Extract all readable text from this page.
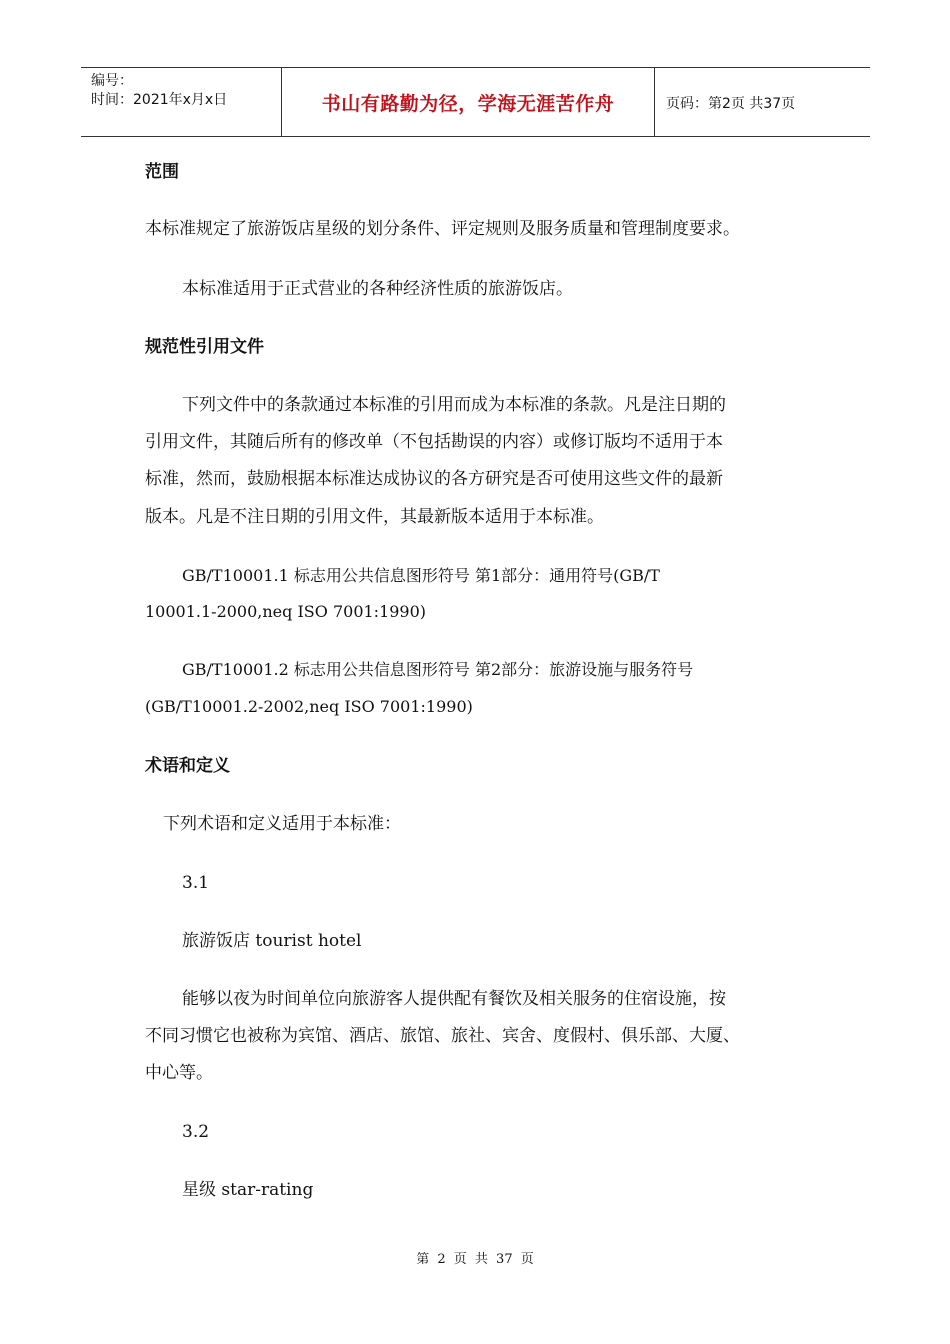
编号：
时间：2021年x月x日	书山有路勤为径，学海无涯苦作舟	页码：第2页 共37页
范围
本标准规定了旅游饭店星级的划分条件、评定规则及服务质量和管理制度要求。
本标准适用于正式营业的各种经济性质的旅游饭店。
规范性引用文件
下列文件中的条款通过本标准的引用而成为本标准的条款。凡是注日期的
引用文件，其随后所有的修改单（不包括勘误的内容）或修订版均不适用于本
标准，然而，鼓励根据本标准达成协议的各方研究是否可使用这些文件的最新
版本。凡是不注日期的引用文件，其最新版本适用于本标准。
GB/T10001.1 标志用公共信息图形符号 第1部分：通用符号(GB/T
10001.1-2000,neq ISO 7001:1990)
GB/T10001.2 标志用公共信息图形符号 第2部分：旅游设施与服务符号
(GB/T10001.2-2002,neq ISO 7001:1990)
术语和定义
下列术语和定义适用于本标准：
3.1
旅游饭店 tourist hotel
能够以夜为时间单位向旅游客人提供配有餐饮及相关服务的住宿设施，按
不同习惯它也被称为宾馆、酒店、旅馆、旅社、宾舍、度假村、俱乐部、大厦、
中心等。
3.2
星级 star-rating
第 2 页 共 37 页
